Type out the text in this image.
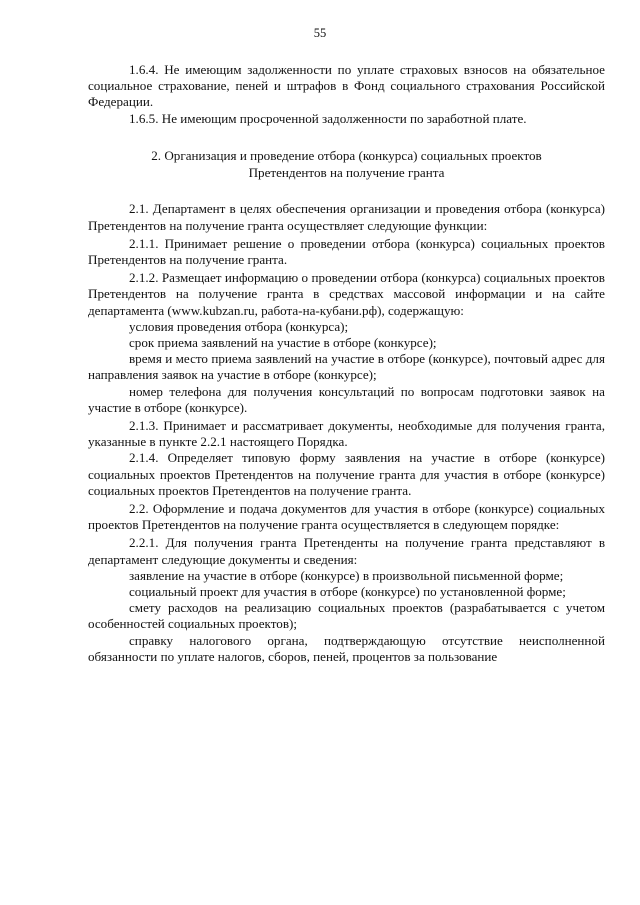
55

1.6.4. Не имеющим задолженности по уплате страховых взносов на обязательное социальное страхование, пеней и штрафов в Фонд социального страхования Российской Федерации.

1.6.5. Не имеющим просроченной задолженности по заработной плате.

2. Организация и проведение отбора (конкурса) социальных проектов
Претендентов на получение гранта

2.1. Департамент в целях обеспечения организации и проведения отбора (конкурса) Претендентов на получение гранта осуществляет следующие функции:

2.1.1. Принимает решение о проведении отбора (конкурса) социальных проектов Претендентов на получение гранта.

2.1.2. Размещает информацию о проведении отбора (конкурса) социальных проектов Претендентов на получение гранта в средствах массовой информации и на сайте департамента (www.kubzan.ru, работа-на-кубани.рф), содержащую:

условия проведения отбора (конкурса);

срок приема заявлений на участие в отборе (конкурсе);

время и место приема заявлений на участие в отборе (конкурсе), почтовый адрес для направления заявок на участие в отборе (конкурсе);

номер телефона для получения консультаций по вопросам подготовки заявок на участие в отборе (конкурсе).

2.1.3. Принимает и рассматривает документы, необходимые для получения гранта, указанные в пункте 2.2.1 настоящего Порядка.

2.1.4. Определяет типовую форму заявления на участие в отборе (конкурсе) социальных проектов Претендентов на получение гранта для участия в отборе (конкурсе) социальных проектов Претендентов на получение гранта.

2.2. Оформление и подача документов для участия в отборе (конкурсе) социальных проектов Претендентов на получение гранта осуществляется в следующем порядке:

2.2.1. Для получения гранта Претенденты на получение гранта представляют в департамент следующие документы и сведения:

заявление на участие в отборе (конкурсе) в произвольной письменной форме;

социальный проект для участия в отборе (конкурсе) по установленной форме;

смету расходов на реализацию социальных проектов (разрабатывается с учетом особенностей социальных проектов);

справку налогового органа, подтверждающую отсутствие неисполненной обязанности по уплате налогов, сборов, пеней, процентов за пользование
